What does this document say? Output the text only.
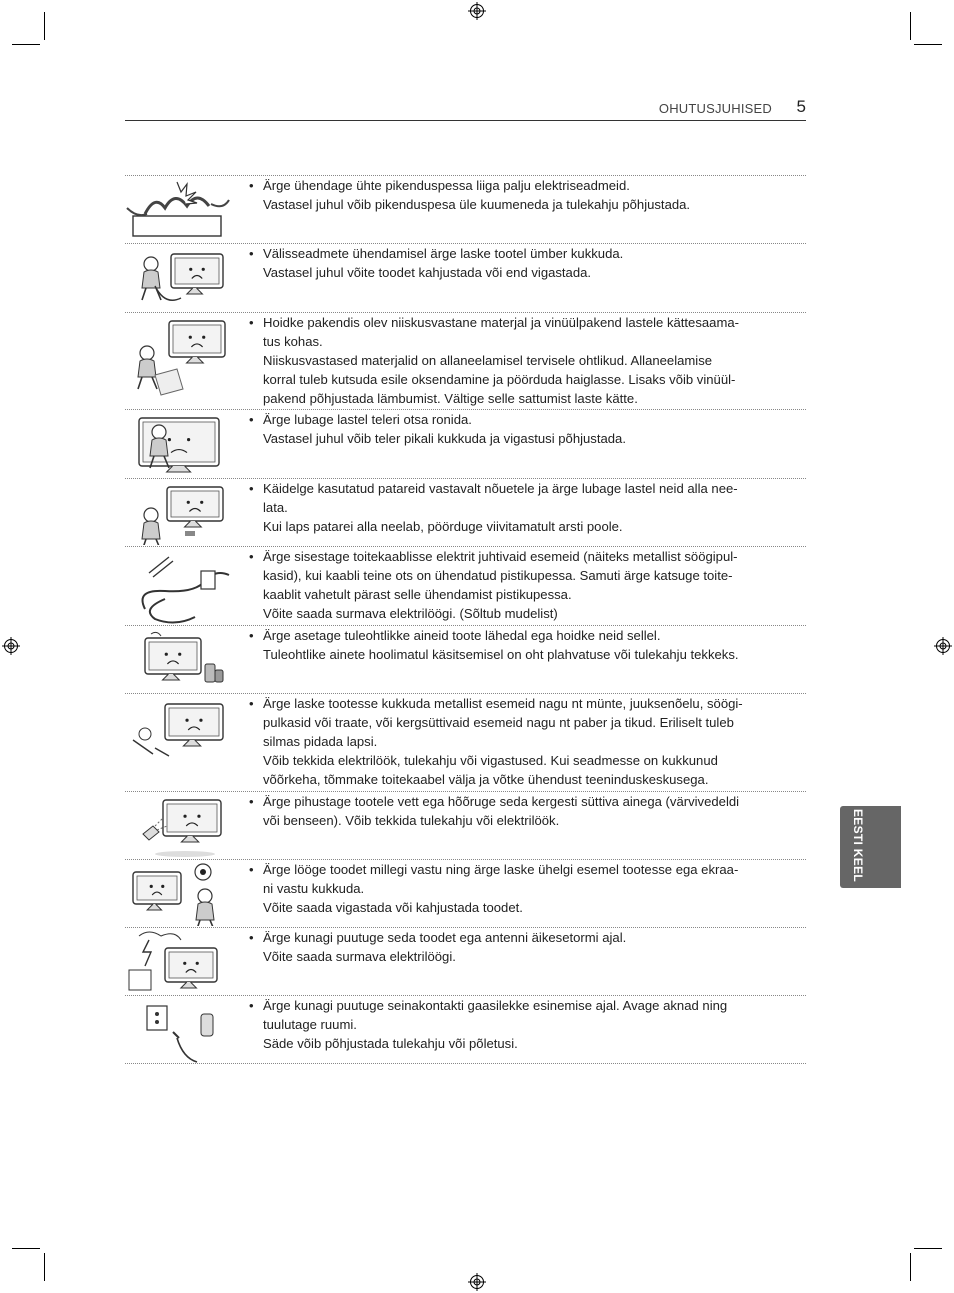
OHUTUSJUHISED 5
EESTI KEEL
• Ärge ühendage ühte pikenduspessa liiga palju elektriseadmeid.
Vastasel juhul võib pikenduspesa üle kuumeneda ja tulekahju põhjustada.
• Välisseadmete ühendamisel ärge laske tootel ümber kukkuda.
Vastasel juhul võite toodet kahjustada või end vigastada.
• Hoidke pakendis olev niiskusvastane materjal ja vinüülpakend lastele kättesaama-
tus kohas.
Niiskusvastased materjalid on allaneelamisel tervisele ohtlikud. Allaneelamise
korral tuleb kutsuda esile oksendamine ja pöörduda haiglasse. Lisaks võib vinüül-
pakend põhjustada lämbumist. Vältige selle sattumist laste kätte.
• Ärge lubage lastel teleri otsa ronida.
Vastasel juhul võib teler pikali kukkuda ja vigastusi põhjustada.
• Käidelge kasutatud patareid vastavalt nõuetele ja ärge lubage lastel neid alla nee-
lata.
Kui laps patarei alla neelab, pöörduge viivitamatult arsti poole.
• Ärge sisestage toitekaablisse elektrit juhtivaid esemeid (näiteks metallist söögipul-
kasid), kui kaabli teine ots on ühendatud pistikupessa. Samuti ärge katsuge toite-
kaablit vahetult pärast selle ühendamist pistikupessa.
Võite saada surmava elektrilöögi. (Sõltub mudelist)
• Ärge asetage tuleohtlikke aineid toote lähedal ega hoidke neid sellel.
Tuleohtlike ainete hoolimatul käsitsemisel on oht plahvatuse või tulekahju tekkeks.
• Ärge laske tootesse kukkuda metallist esemeid nagu nt münte, juuksenõelu, söögi-
pulkasid või traate, või kergsüttivaid esemeid nagu nt paber ja tikud. Eriliselt tuleb
silmas pidada lapsi.
Võib tekkida elektrilöök, tulekahju või vigastused. Kui seadmesse on kukkunud
võõrkeha, tõmmake toitekaabel välja ja võtke ühendust teeninduskeskusega.
• Ärge pihustage tootele vett ega hõõruge seda kergesti süttiva ainega (värvivedeldi
või benseen). Võib tekkida tulekahju või elektrilöök.
• Ärge lööge toodet millegi vastu ning ärge laske ühelgi esemel tootesse ega ekraa-
ni vastu kukkuda.
Võite saada vigastada või kahjustada toodet.
• Ärge kunagi puutuge seda toodet ega antenni äikesetormi ajal.
Võite saada surmava elektrilöögi.
• Ärge kunagi puutuge seinakontakti gaasilekke esinemise ajal. Avage aknad ning
tuulutage ruumi.
Säde võib põhjustada tulekahju või põletusi.
